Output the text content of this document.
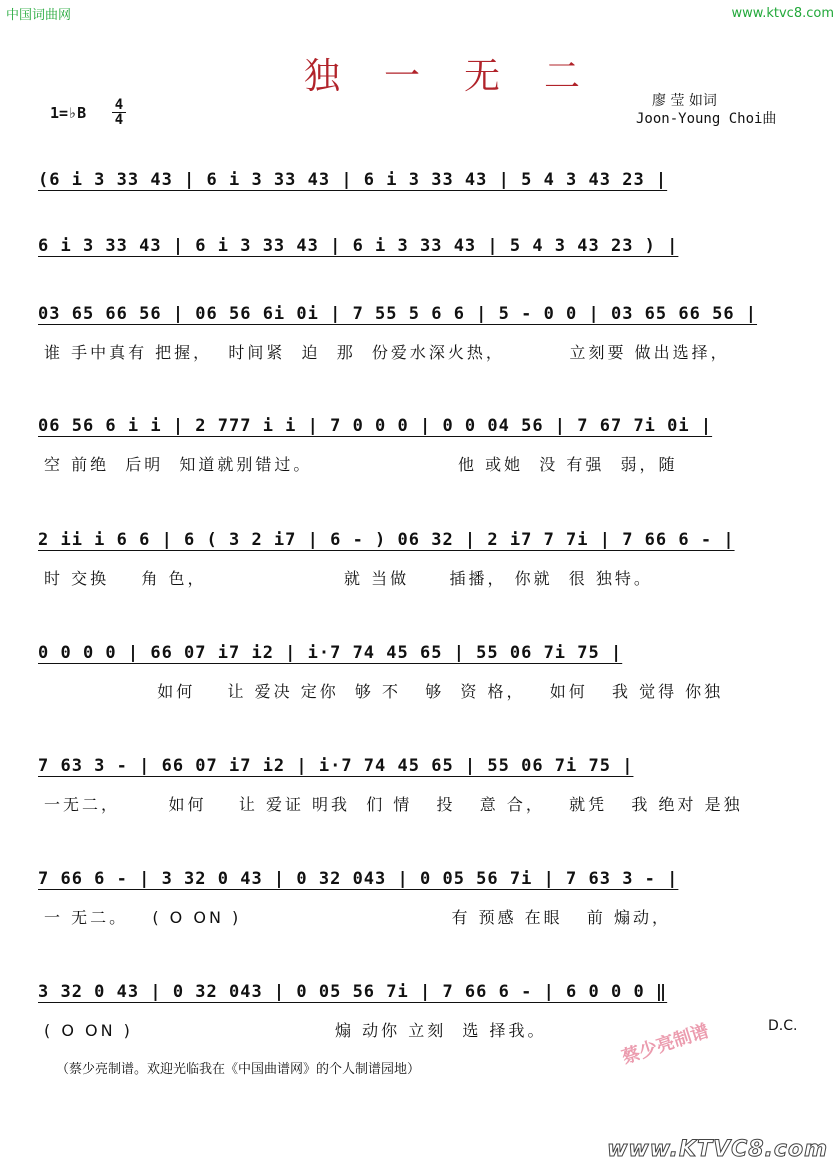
中国词曲网	www.ktvc8.com
独一无二
1=♭B 4
4
廖 莹 如词
Joon-Young Choi曲
(6 i 3 33 43 | 6 i 3 33 43 | 6 i 3 33 43 | 5 4 3 43 23 |
6 i 3 33 43 | 6 i 3 33 43 | 6 i 3 33 43 | 5 4 3 43 23 ) |
03 65 66 56 | 06 56 6i 0i | 7 55 5 6 6 | 5 - 0 0 | 03 65 66 56 |
谁 手中真有 把握，  时间紧  迫  那  份爱水深火热，        立刻要 做出选择，
06 56 6 i i | 2 777 i i | 7 0 0 0 | 0 0 04 56 | 7 67 7i 0i |
空 前绝  后明  知道就别错过。                  他 或她  没 有强  弱，随
2 ii i 6 6 | 6 ( 3 2 i7 | 6 - ) 06 32 | 2 i7 7 7i | 7 66 6 - |
时 交换    角 色，                 就 当做     插播， 你就  很 独特。
0 0 0 0 | 66 07 i7 i2 | i·7 74 45 65 | 55 06 7i 75 |
如何    让 爱决 定你  够 不   够  资 格，   如何   我 觉得 你独
7 63 3 - | 66 07 i7 i2 | i·7 74 45 65 | 55 06 7i 75 |
一无二，      如何    让 爱证 明我  们 情   投   意 合，   就凭   我 绝对 是独
7 66 6 - | 3 32 0 43 | 0 32 043 | 0 05 56 7i | 7 63 3 - |
一 无二。   ( O ON )                          有 预感 在眼   前 煽动，
3 32 0 43 | 0 32 043 | 0 05 56 7i | 7 66 6 - | 6 0 0 0 ‖
( O ON )                         煽 动你 立刻  选 择我。	D.C.
蔡少亮制谱
（蔡少亮制谱。欢迎光临我在《中国曲谱网》的个人制谱园地）
www.KTVC8.com
